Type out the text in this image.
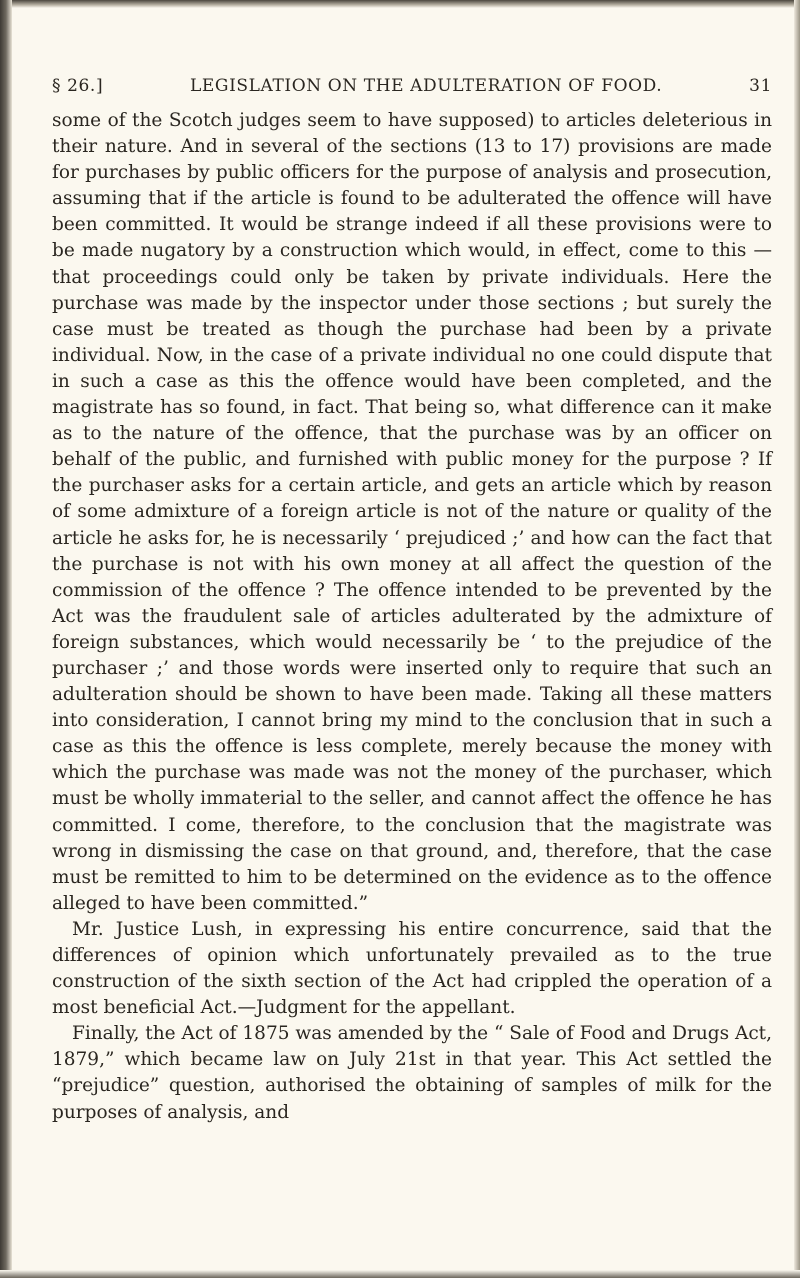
§ 26.]	LEGISLATION ON THE ADULTERATION OF FOOD.	31

some of the Scotch judges seem to have supposed) to articles deleterious in their nature. And in several of the sections (13 to 17) provisions are made for purchases by public officers for the purpose of analysis and prosecution, assuming that if the article is found to be adulterated the offence will have been committed. It would be strange indeed if all these provisions were to be made nugatory by a construction which would, in effect, come to this — that proceedings could only be taken by private individuals. Here the purchase was made by the inspector under those sections ; but surely the case must be treated as though the purchase had been by a private individual. Now, in the case of a private individual no one could dispute that in such a case as this the offence would have been completed, and the magistrate has so found, in fact. That being so, what difference can it make as to the nature of the offence, that the purchase was by an officer on behalf of the public, and furnished with public money for the purpose ? If the purchaser asks for a certain article, and gets an article which by reason of some admixture of a foreign article is not of the nature or quality of the article he asks for, he is necessarily ‘ prejudiced ;’ and how can the fact that the purchase is not with his own money at all affect the question of the commission of the offence ? The offence intended to be prevented by the Act was the fraudulent sale of articles adulterated by the admixture of foreign substances, which would necessarily be ‘ to the prejudice of the purchaser ;’ and those words were inserted only to require that such an adulteration should be shown to have been made. Taking all these matters into consideration, I cannot bring my mind to the conclusion that in such a case as this the offence is less complete, merely because the money with which the purchase was made was not the money of the purchaser, which must be wholly immaterial to the seller, and cannot affect the offence he has committed. I come, therefore, to the conclusion that the magistrate was wrong in dismissing the case on that ground, and, therefore, that the case must be remitted to him to be determined on the evidence as to the offence alleged to have been committed.”

Mr. Justice Lush, in expressing his entire concurrence, said that the differences of opinion which unfortunately prevailed as to the true construction of the sixth section of the Act had crippled the operation of a most beneficial Act.—Judgment for the appellant.

Finally, the Act of 1875 was amended by the “ Sale of Food and Drugs Act, 1879,” which became law on July 21st in that year. This Act settled the “prejudice” question, authorised the obtaining of samples of milk for the purposes of analysis, and
